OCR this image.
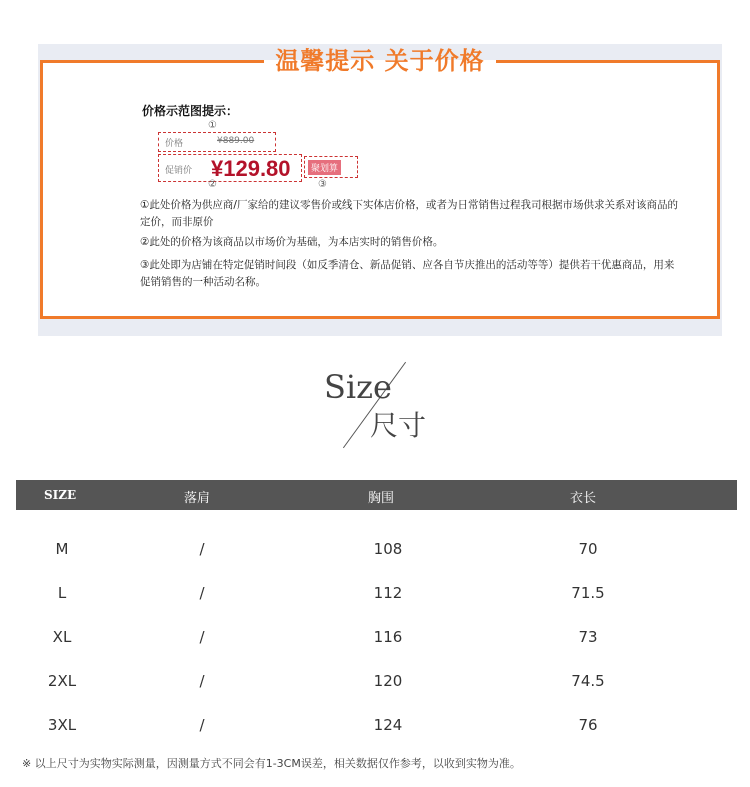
温馨提示 关于价格
价格示范图提示：
①
价格	¥889.00
促销价 ¥129.80	聚划算
②	③
①此处价格为供应商/厂家给的建议零售价或线下实体店价格，或者为日常销售过程我司根据市场供求关系对该商品的定价，而非原价
②此处的价格为该商品以市场价为基础，为本店实时的销售价格。
③此处即为店铺在特定促销时间段（如反季清仓、新品促销、应各自节庆推出的活动等等）提供若干优惠商品，用来促销销售的一种活动名称。
Size
尺寸
SIZE	落肩	胸围	衣长
M	/	108	70
L	/	112	71.5
XL	/	116	73
2XL	/	120	74.5
3XL	/	124	76
※ 以上尺寸为实物实际测量，因测量方式不同会有1-3CM误差，相关数据仅作参考，以收到实物为准。
